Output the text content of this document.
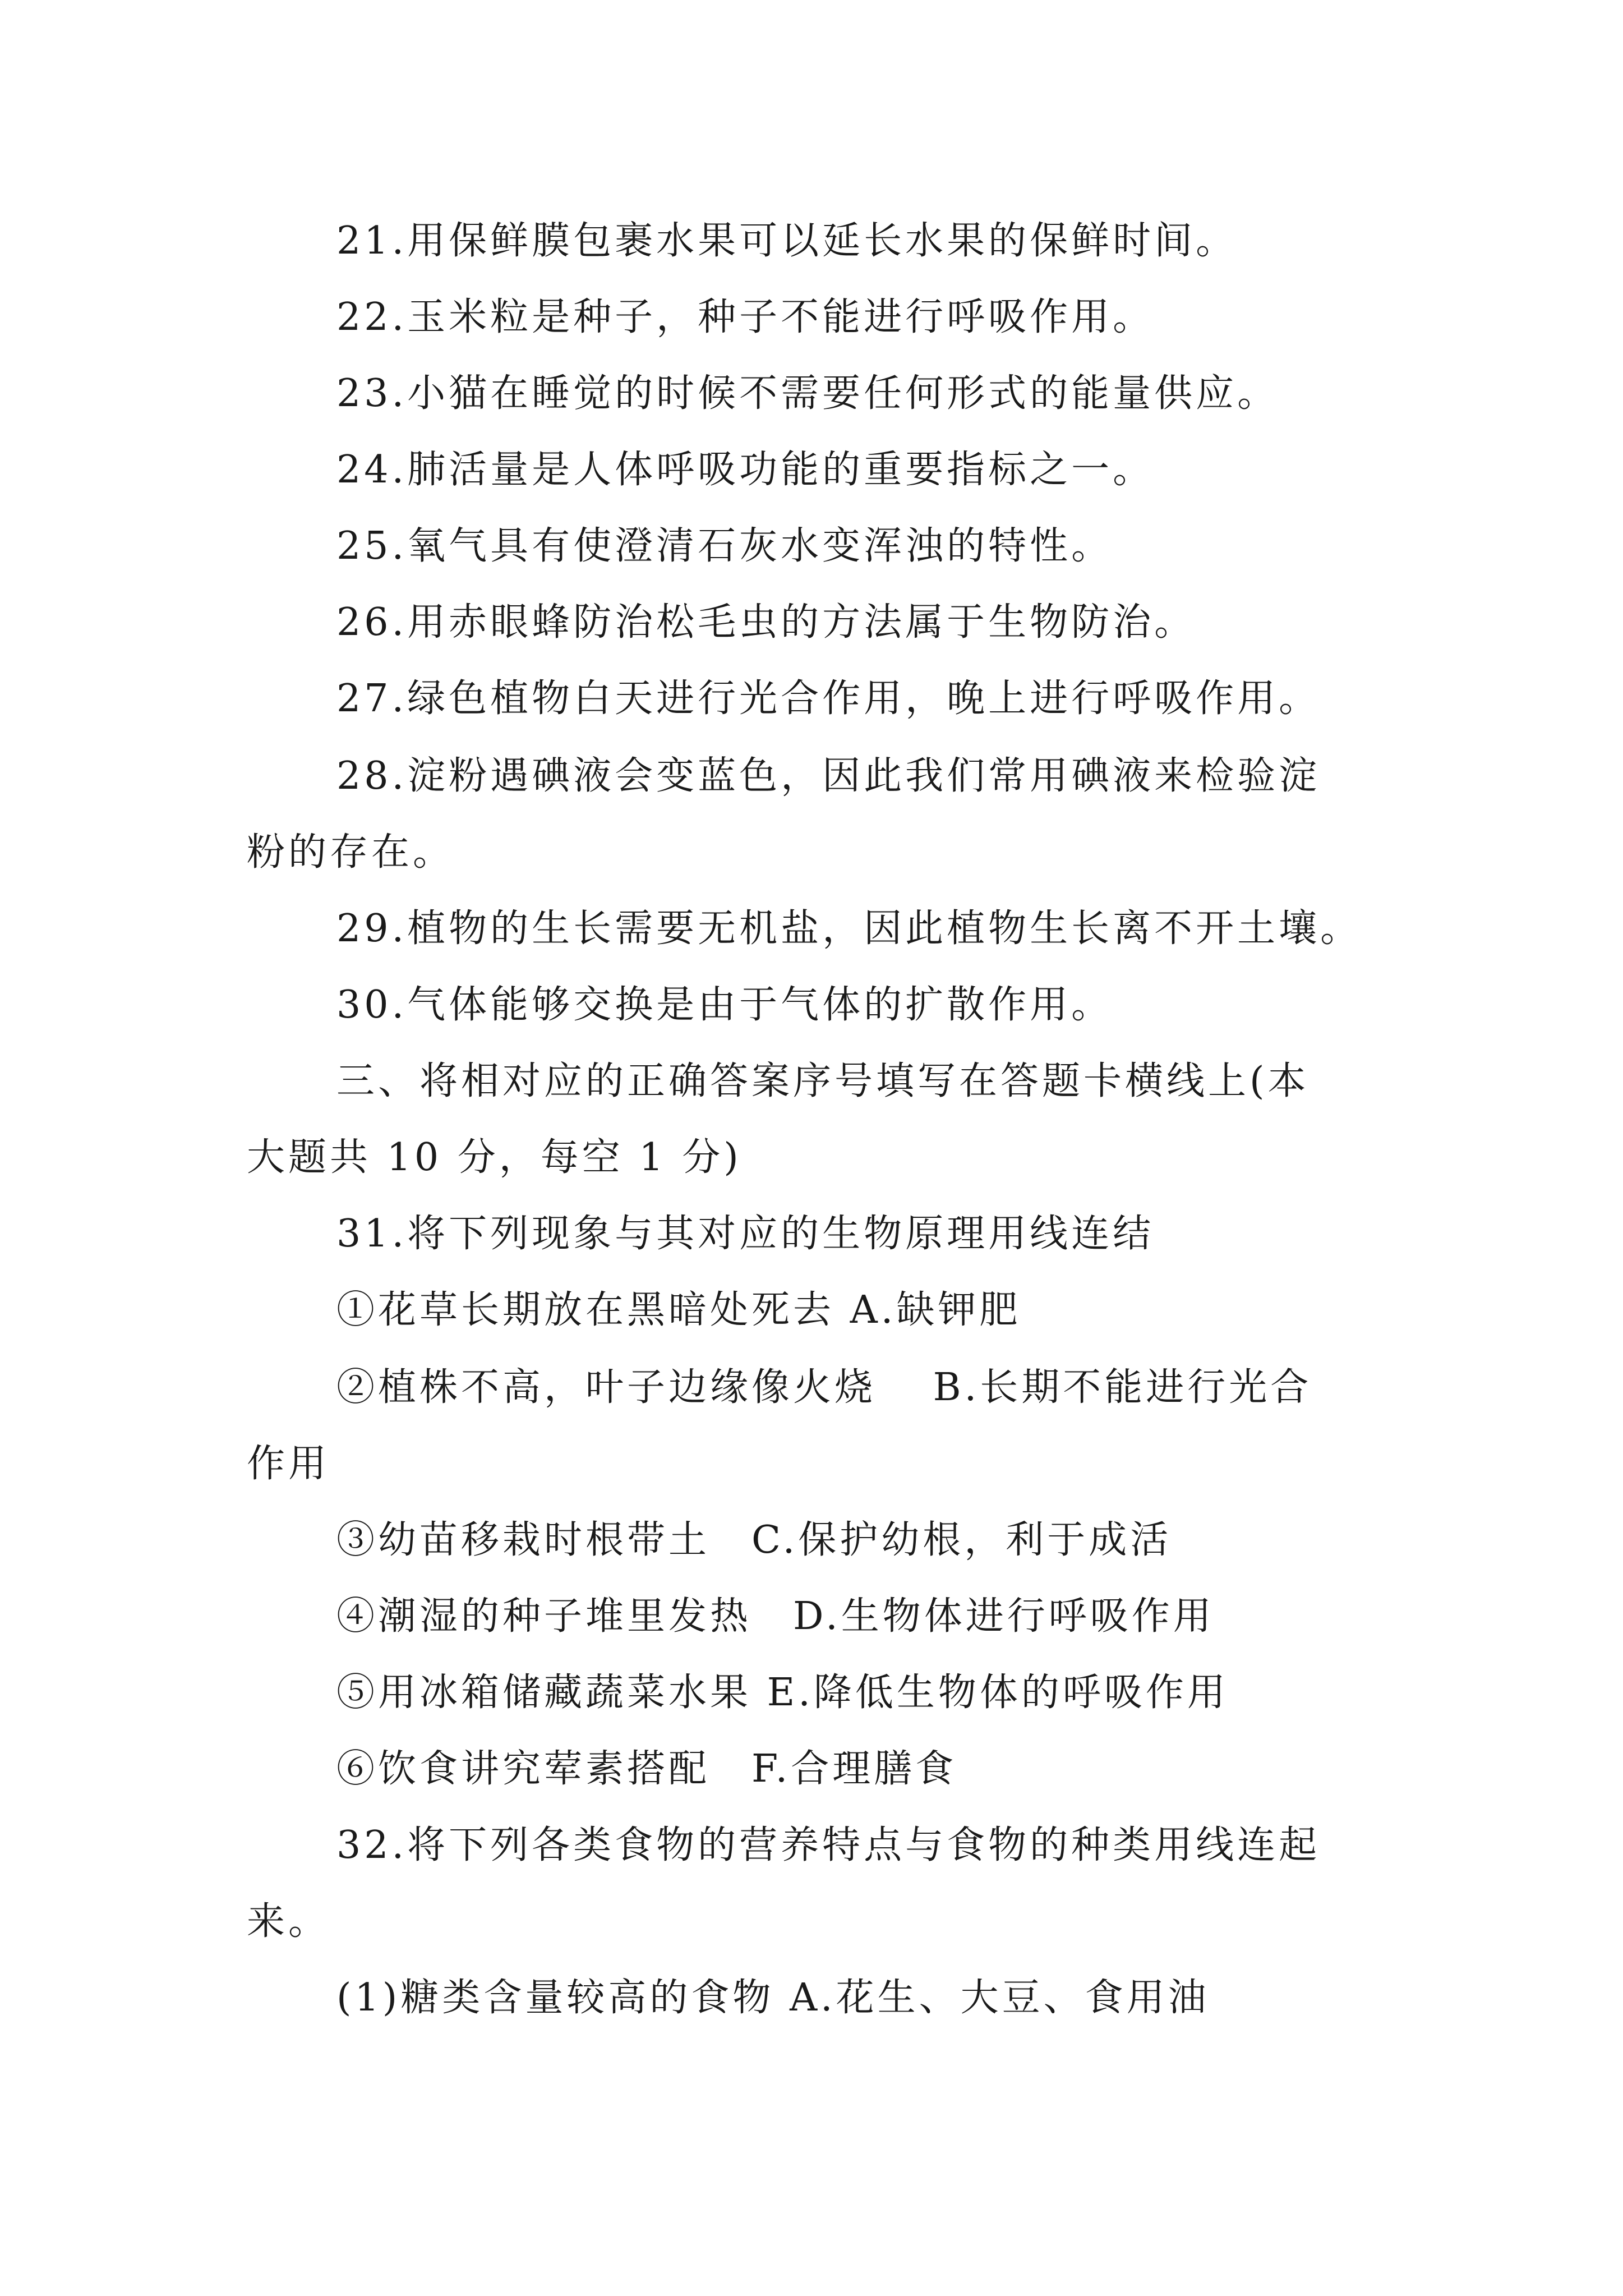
21.用保鲜膜包裹水果可以延长水果的保鲜时间。
22.玉米粒是种子，种子不能进行呼吸作用。
23.小猫在睡觉的时候不需要任何形式的能量供应。
24.肺活量是人体呼吸功能的重要指标之一。
25.氧气具有使澄清石灰水变浑浊的特性。
26.用赤眼蜂防治松毛虫的方法属于生物防治。
27.绿色植物白天进行光合作用，晚上进行呼吸作用。
28.淀粉遇碘液会变蓝色，因此我们常用碘液来检验淀
粉的存在。
29.植物的生长需要无机盐，因此植物生长离不开土壤。
30.气体能够交换是由于气体的扩散作用。
三、将相对应的正确答案序号填写在答题卡横线上(本
大题共 10 分，每空 1 分)
31.将下列现象与其对应的生物原理用线连结
①花草长期放在黑暗处死去 A.缺钾肥
②植株不高，叶子边缘像火烧　 B.长期不能进行光合
作用
③幼苗移栽时根带土　C.保护幼根，利于成活
④潮湿的种子堆里发热　D.生物体进行呼吸作用
⑤用冰箱储藏蔬菜水果 E.降低生物体的呼吸作用
⑥饮食讲究荤素搭配　F.合理膳食
32.将下列各类食物的营养特点与食物的种类用线连起
来。
(1)糖类含量较高的食物 A.花生、大豆、食用油
